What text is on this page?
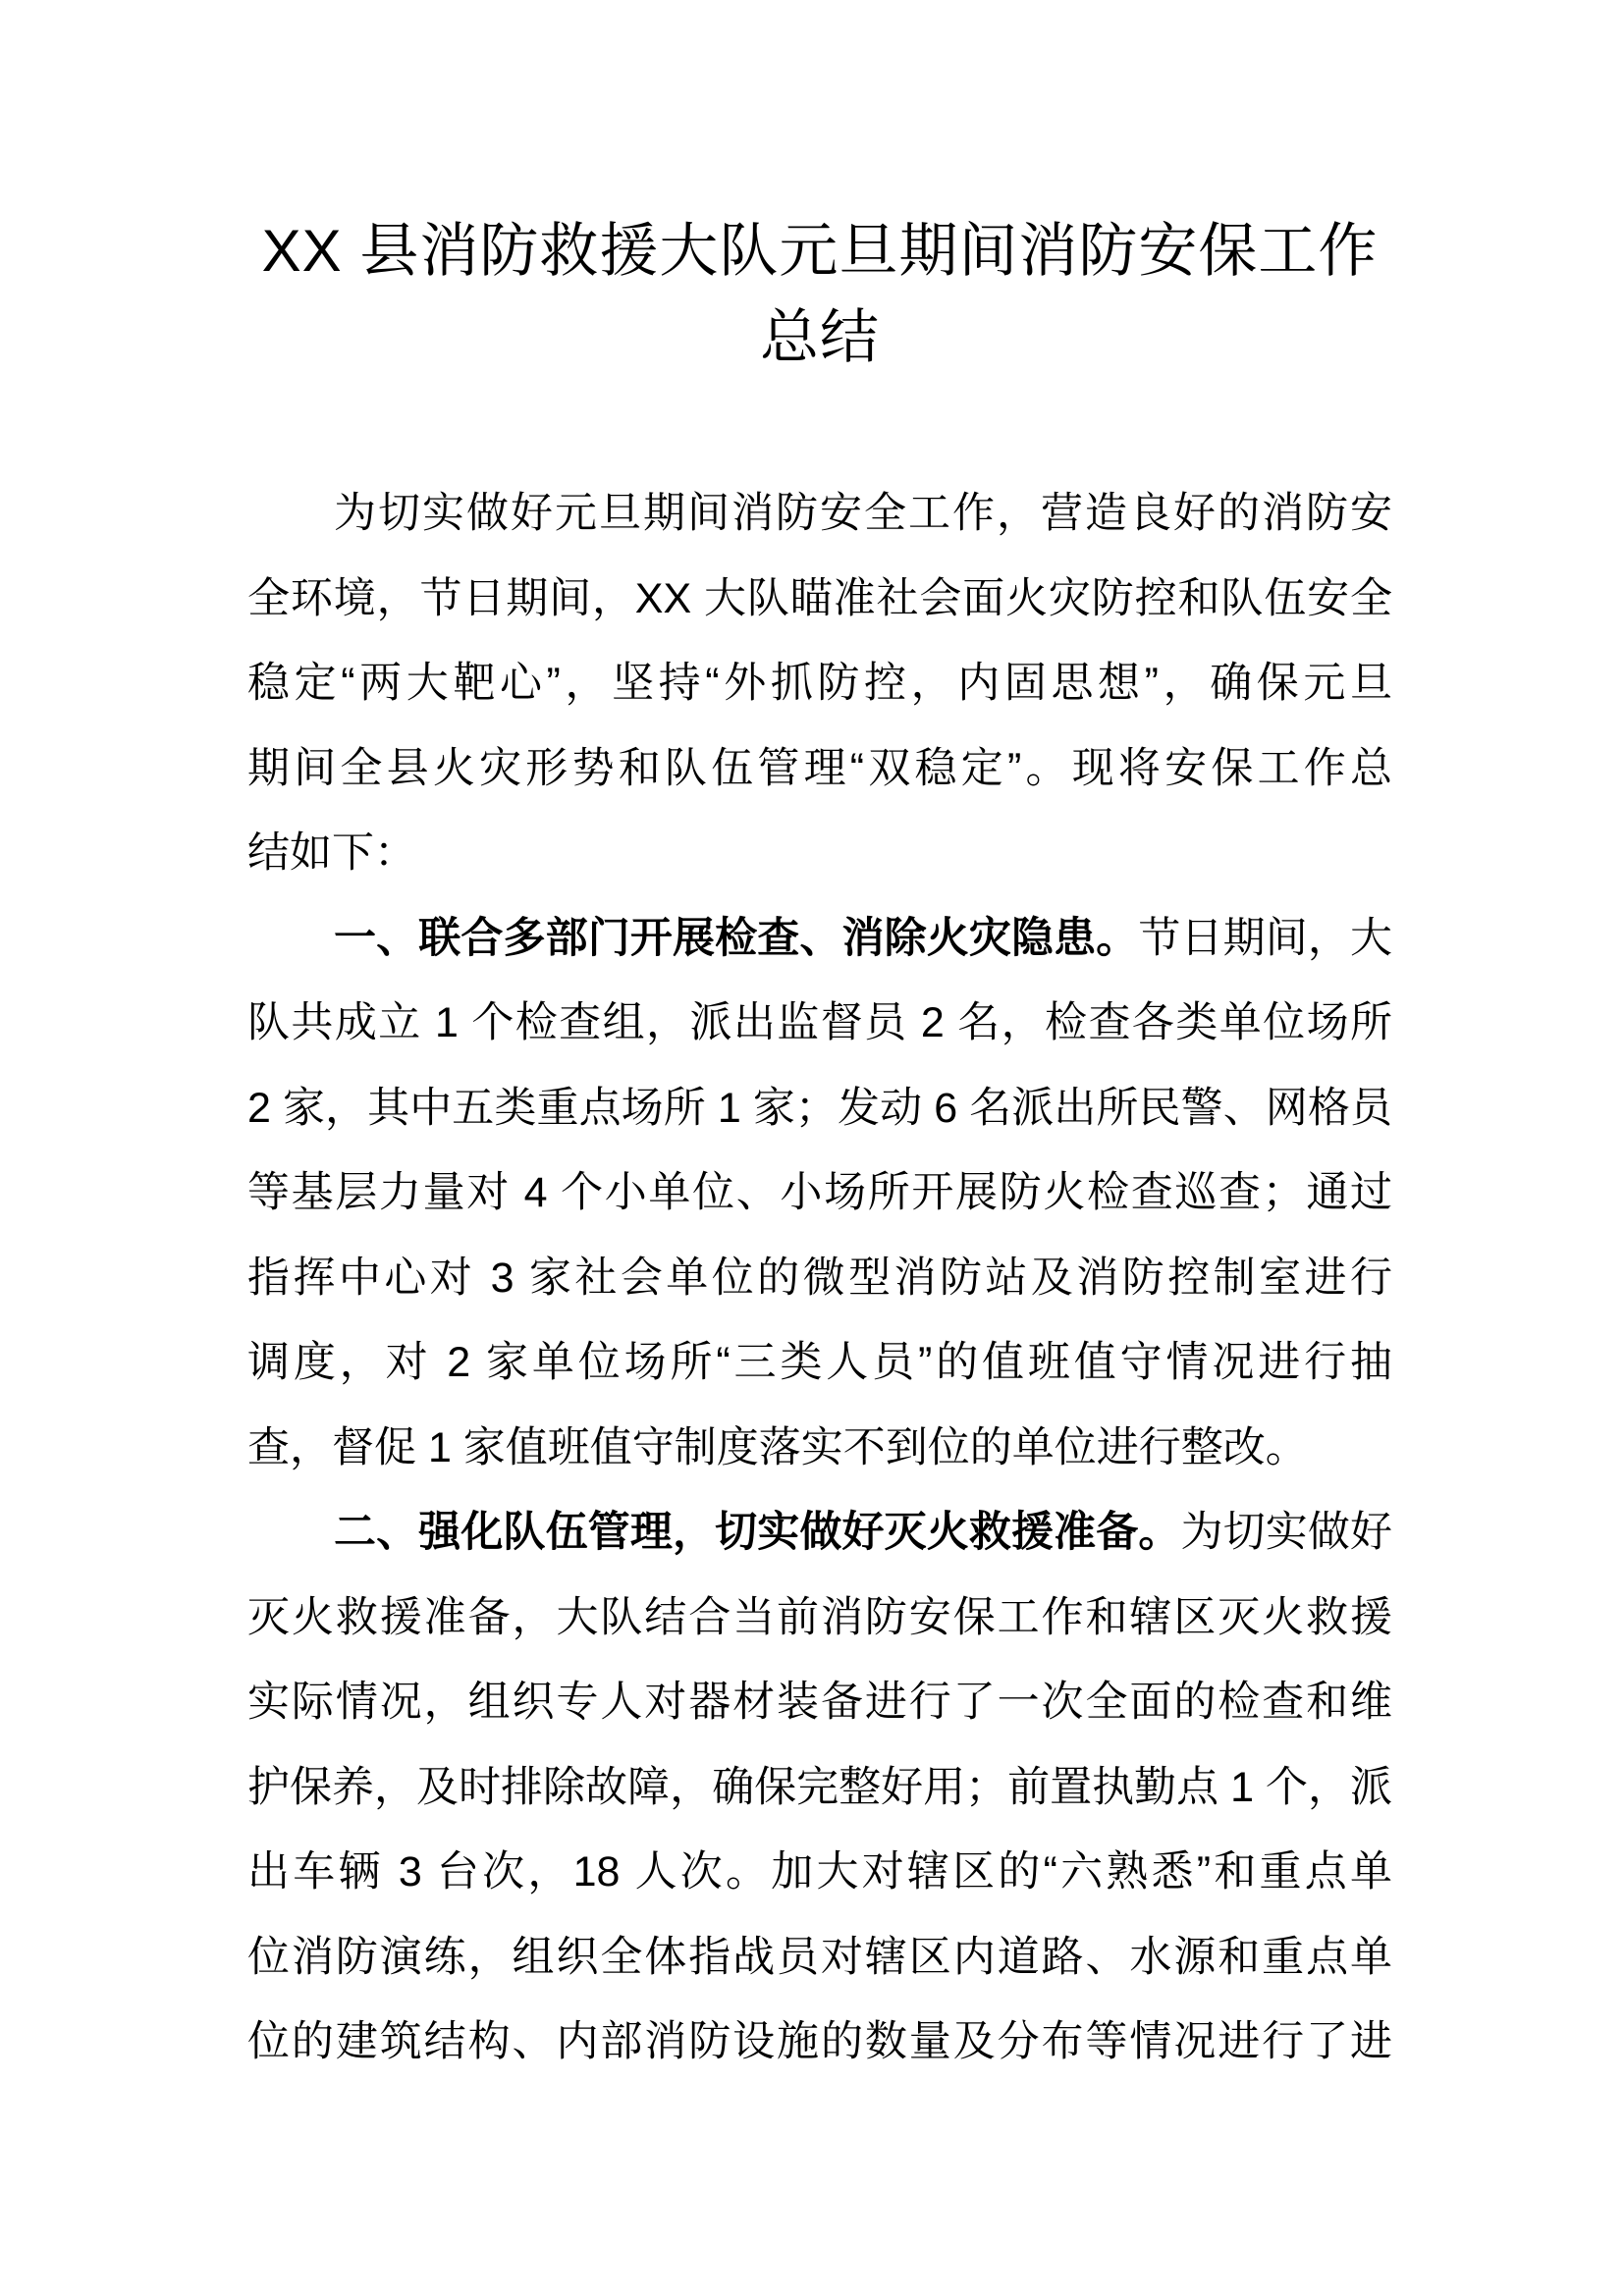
XX 县消防救援大队元旦期间消防安保工作
总结
为切实做好元旦期间消防安全工作，营造良好的消防安
全环境，节日期间，XX 大队瞄准社会面火灾防控和队伍安全
稳定“两大靶心”，坚持“外抓防控，内固思想”，确保元旦
期间全县火灾形势和队伍管理“双稳定”。现将安保工作总
结如下：
一、联合多部门开展检查、消除火灾隐患。节日期间，大
队共成立 1 个检查组，派出监督员 2 名，检查各类单位场所
2 家，其中五类重点场所 1 家；发动 6 名派出所民警、网格员
等基层力量对 4 个小单位、小场所开展防火检查巡查；通过
指挥中心对 3 家社会单位的微型消防站及消防控制室进行
调度，对 2 家单位场所“三类人员”的值班值守情况进行抽
查，督促 1 家值班值守制度落实不到位的单位进行整改。
二、强化队伍管理，切实做好灭火救援准备。为切实做好
灭火救援准备，大队结合当前消防安保工作和辖区灭火救援
实际情况，组织专人对器材装备进行了一次全面的检查和维
护保养，及时排除故障，确保完整好用；前置执勤点 1 个，派
出车辆 3 台次，18 人次。加大对辖区的“六熟悉”和重点单
位消防演练，组织全体指战员对辖区内道路、水源和重点单
位的建筑结构、内部消防设施的数量及分布等情况进行了进
